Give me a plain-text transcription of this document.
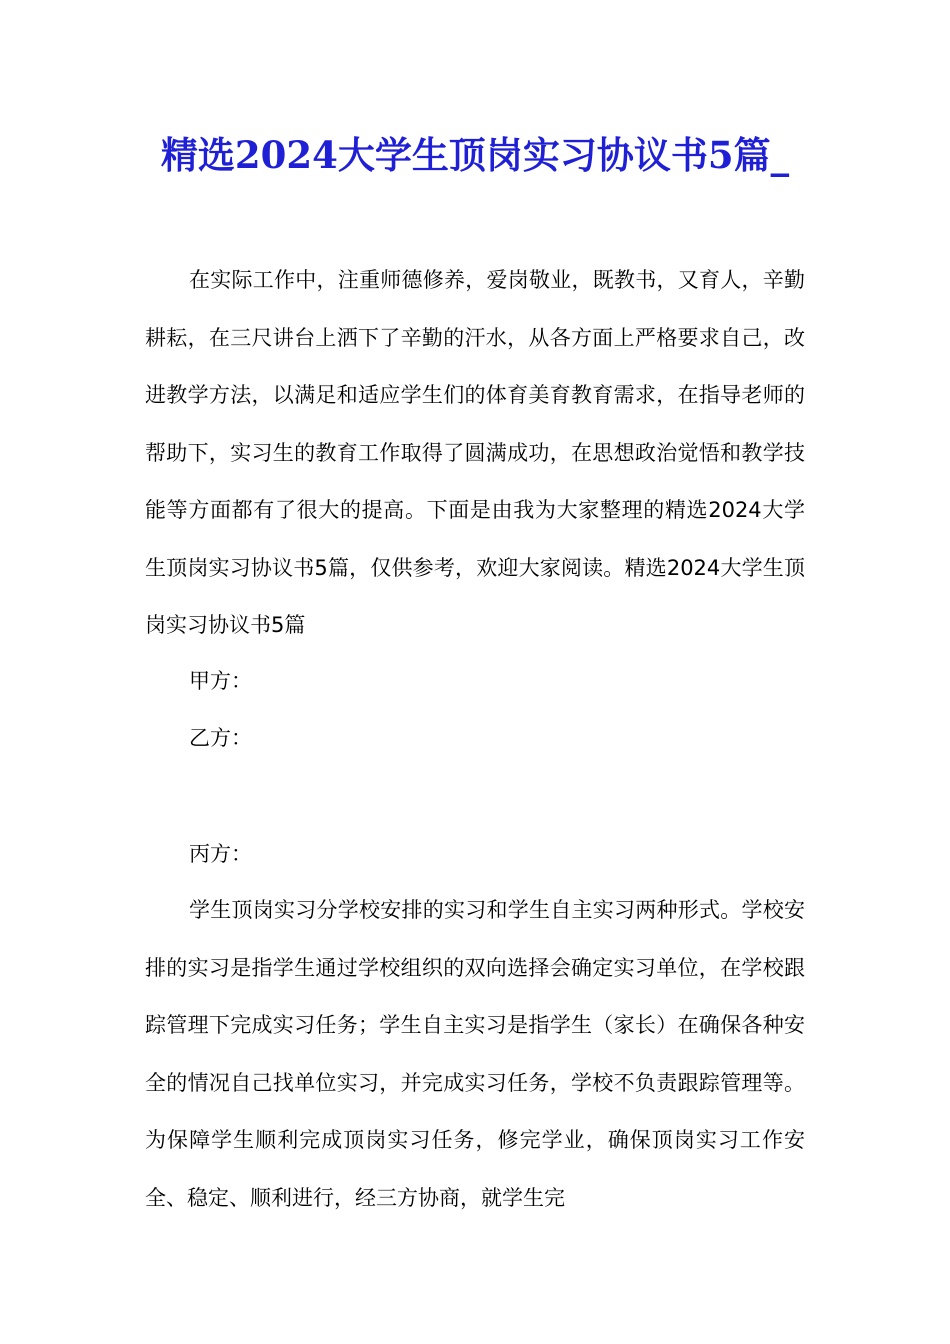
精选2024大学生顶岗实习协议书5篇_

在实际工作中，注重师德修养，爱岗敬业，既教书，又育人，辛勤耕耘，在三尺讲台上洒下了辛勤的汗水，从各方面上严格要求自己，改进教学方法，以满足和适应学生们的体育美育教育需求，在指导老师的帮助下，实习生的教育工作取得了圆满成功，在思想政治觉悟和教学技能等方面都有了很大的提高。下面是由我为大家整理的精选2024大学生顶岗实习协议书5篇，仅供参考，欢迎大家阅读。精选2024大学生顶岗实习协议书5篇

甲方：

乙方：

丙方：

学生顶岗实习分学校安排的实习和学生自主实习两种形式。学校安排的实习是指学生通过学校组织的双向选择会确定实习单位，在学校跟踪管理下完成实习任务；学生自主实习是指学生（家长）在确保各种安全的情况自己找单位实习，并完成实习任务，学校不负责跟踪管理等。 为保障学生顺利完成顶岗实习任务，修完学业，确保顶岗实习工作安全、稳定、顺利进行，经三方协商，就学生完
